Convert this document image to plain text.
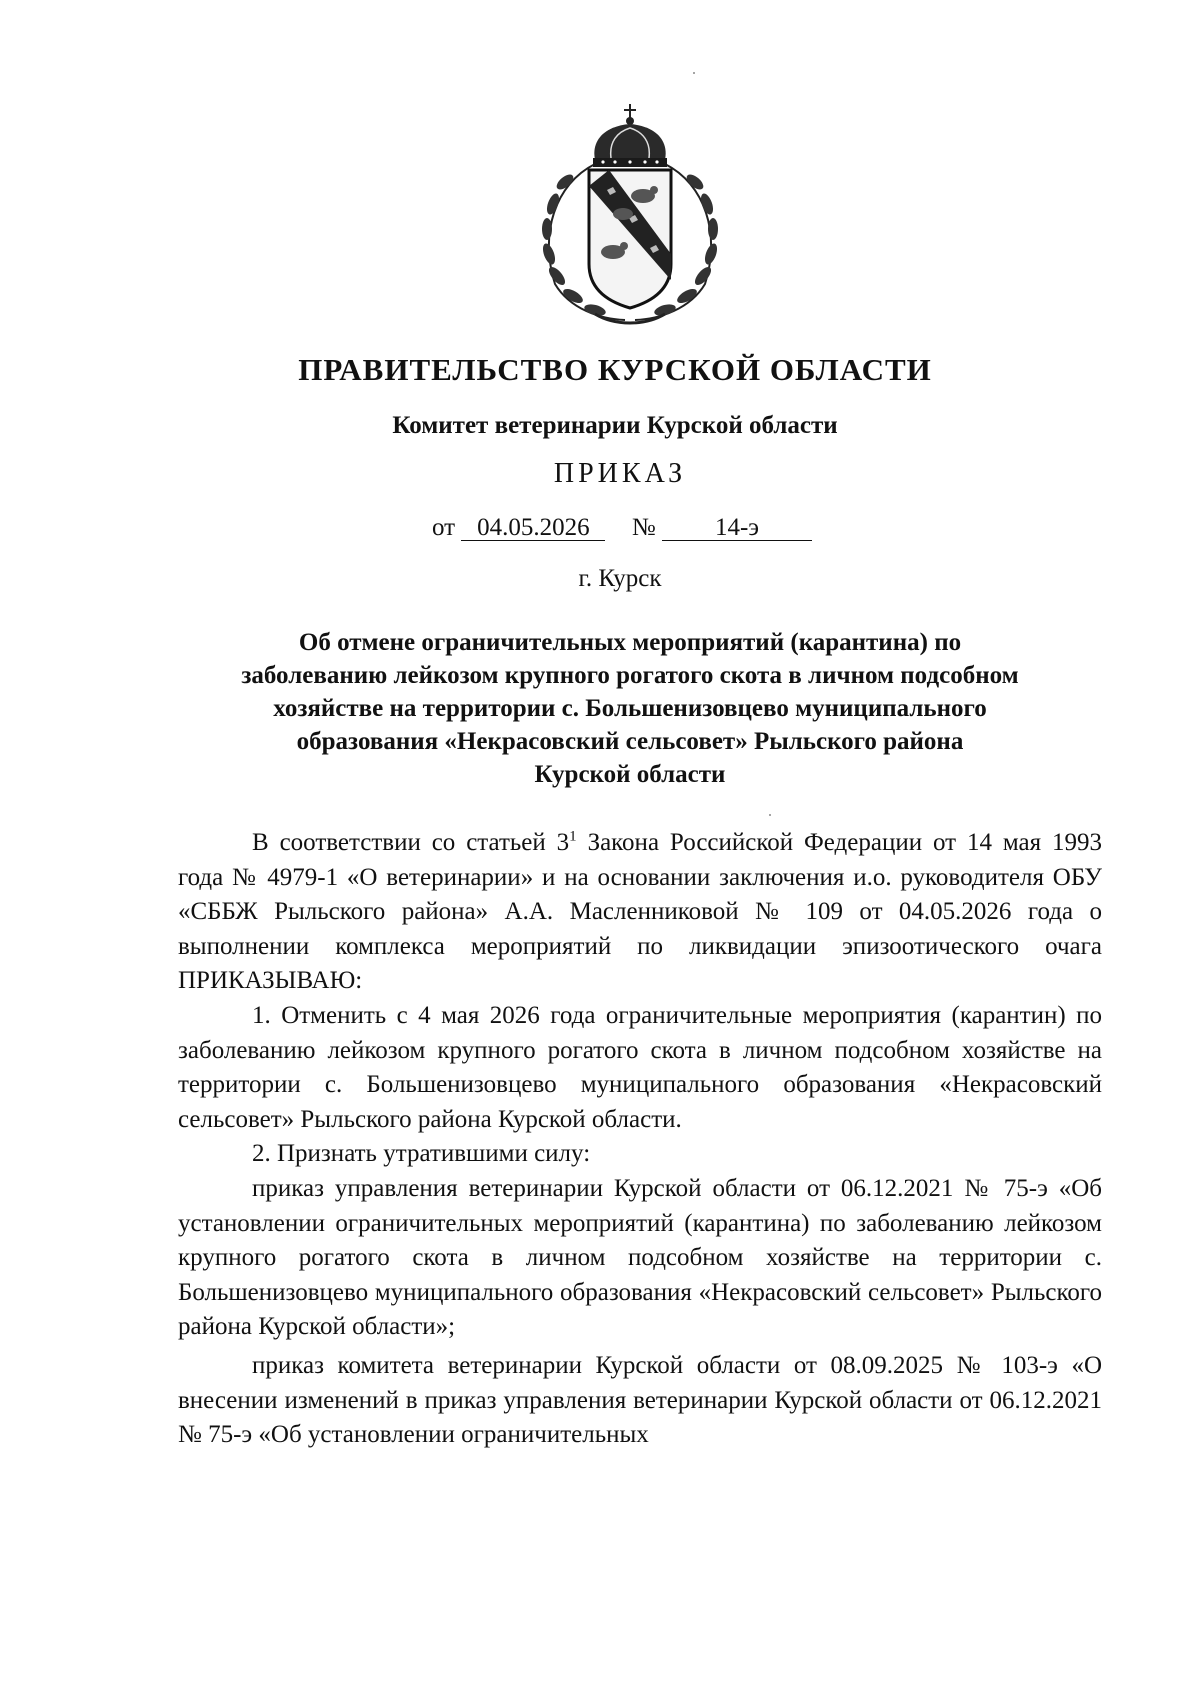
ПРАВИТЕЛЬСТВО КУРСКОЙ ОБЛАСТИ
Комитет ветеринарии Курской области
ПРИКАЗ
от 04.05.2026 № 14-э
г. Курск
Об отмене ограничительных мероприятий (карантина) по
заболеванию лейкозом крупного рогатого скота в личном подсобном
хозяйстве на территории с. Большенизовцево муниципального
образования «Некрасовский сельсовет» Рыльского района
Курской области

В соответствии со статьей $3^1$ Закона Российской Федерации от 14 мая 1993 года № 4979-1 «О ветеринарии» и на основании заключения и.о. руководителя ОБУ «СББЖ Рыльского района» А.А. Масленниковой № 109 от 04.05.2026 года о выполнении комплекса мероприятий по ликвидации эпизоотического очага ПРИКАЗЫВАЮ:

1. Отменить с 4 мая 2026 года ограничительные мероприятия (карантин) по заболеванию лейкозом крупного рогатого скота в личном подсобном хозяйстве на территории с. Большенизовцево муниципального образования «Некрасовский сельсовет» Рыльского района Курской области.

2. Признать утратившими силу:

приказ управления ветеринарии Курской области от 06.12.2021 № 75-э «Об установлении ограничительных мероприятий (карантина) по заболеванию лейкозом крупного рогатого скота в личном подсобном хозяйстве на территории с. Большенизовцево муниципального образования «Некрасовский сельсовет» Рыльского района Курской области»;

приказ комитета ветеринарии Курской области от 08.09.2025 № 103-э «О внесении изменений в приказ управления ветеринарии Курской области от 06.12.2021 № 75-э «Об установлении ограничительных
